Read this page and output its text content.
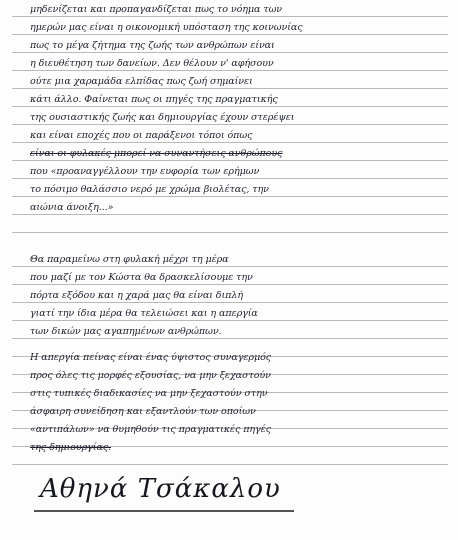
μηδενίζεται και προπαγανδίζεται πως το νόημα των
ημερών μας είναι η οικονομική υπόσταση της κοινωνίας
πως το μέγα ζήτημα της ζωής των ανθρώπων είναι
η διευθέτηση των δανείων. Δεν θέλουν ν' αφήσουν
ούτε μια χαραμάδα ελπίδας πως ζωή σημαίνει
κάτι άλλο. Φαίνεται πως οι πηγές της πραγματικής
της ουσιαστικής ζωής και δημιουργίας έχουν στερέψει
και είναι εποχές που οι παράξενοι τόποι όπως
είναι οι φυλακές μπορεί να συναντήσεις ανθρώπους
που «προαναγγέλλουν την ευφορία των ερήμων
το πόσιμο θαλάσσιο νερό με χρώμα βιολέτας, την
αιώνια άνοιξη...»
Θα παραμείνω στη φυλακή μέχρι τη μέρα
που μαζί με τον Κώστα θα δρασκελίσουμε την
πόρτα εξόδου και η χαρά μας θα είναι διπλή
γιατί την ίδια μέρα θα τελειώσει και η απεργία
των δικών μας αγαπημένων ανθρώπων.
Η απεργία πείνας είναι ένας ύψιστος συναγερμός
προς όλες τις μορφές εξουσίας, να μην ξεχαστούν
στις τυπικές διαδικασίες να μην ξεχαστούν στην
άσφαιρη συνείδηση και εξαντλούν των οποίων
«αντιπάλων» να θυμηθούν τις πραγματικές πηγές
της δημιουργίας.
Αθηνά Τσάκαλου
